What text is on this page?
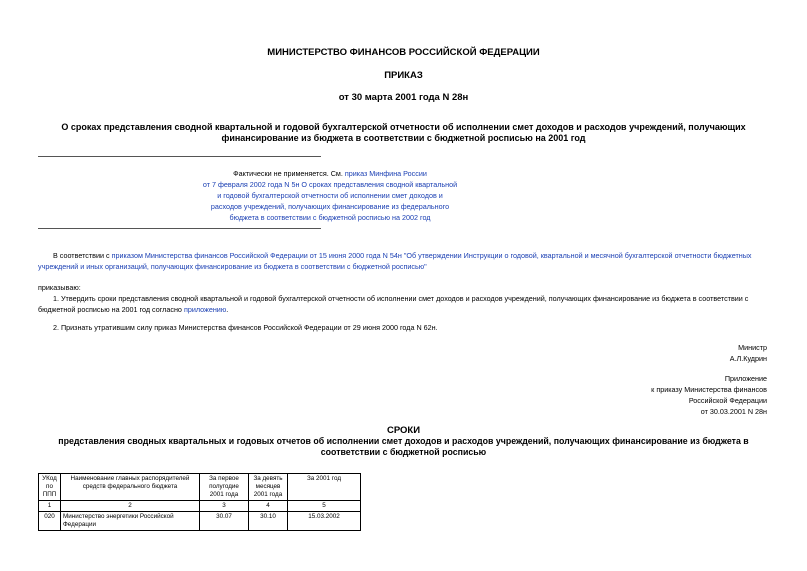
МИНИСТЕРСТВО ФИНАНСОВ РОССИЙСКОЙ ФЕДЕРАЦИИ
ПРИКАЗ
от 30 марта 2001 года N 28н
О сроках представления сводной квартальной и годовой бухгалтерской отчетности об исполнении смет доходов и расходов учреждений, получающих
финансирование из бюджета в соответствии с бюджетной росписью на 2001 год
Фактически не применяется. См. приказ Минфина России
от 7 февраля 2002 года N 5н О сроках представления сводной квартальной
и годовой бухгалтерской отчетности об исполнении смет доходов и
расходов учреждений, получающих финансирование из федерального
бюджета в соответствии с бюджетной росписью на 2002 год
В соответствии с приказом Министерства финансов Российской Федерации от 15 июня 2000 года N 54н "Об утверждении Инструкции о годовой, квартальной и месячной бухгалтерской отчетности бюджетных
учреждений и иных организаций, получающих финансирование из бюджета в соответствии с бюджетной росписью"
приказываю:
1. Утвердить сроки представления сводной квартальной и годовой бухгалтерской отчетности об исполнении смет доходов и расходов учреждений, получающих финансирование из бюджета в соответствии с
бюджетной росписью на 2001 год согласно приложению.
2. Признать утратившим силу приказ Министерства финансов Российской Федерации от 29 июня 2000 года N 62н.
Министр
А.Л.Кудрин
Приложение
к приказу Министерства финансов
Российской Федерации
от 30.03.2001 N 28н
СРОКИ
представления сводных квартальных и годовых отчетов об исполнении смет доходов и расходов учреждений, получающих финансирование из бюджета в
соответствии с бюджетной росписью
УКод по ППП	Наименование главных распорядителей средств федерального бюджета	За первое полугодие 2001 года	За девять месяцев 2001 года	За 2001 год
1	2	3	4	5
020	Министерство энергетики Российской Федерации	30.07	30.10	15.03.2002
